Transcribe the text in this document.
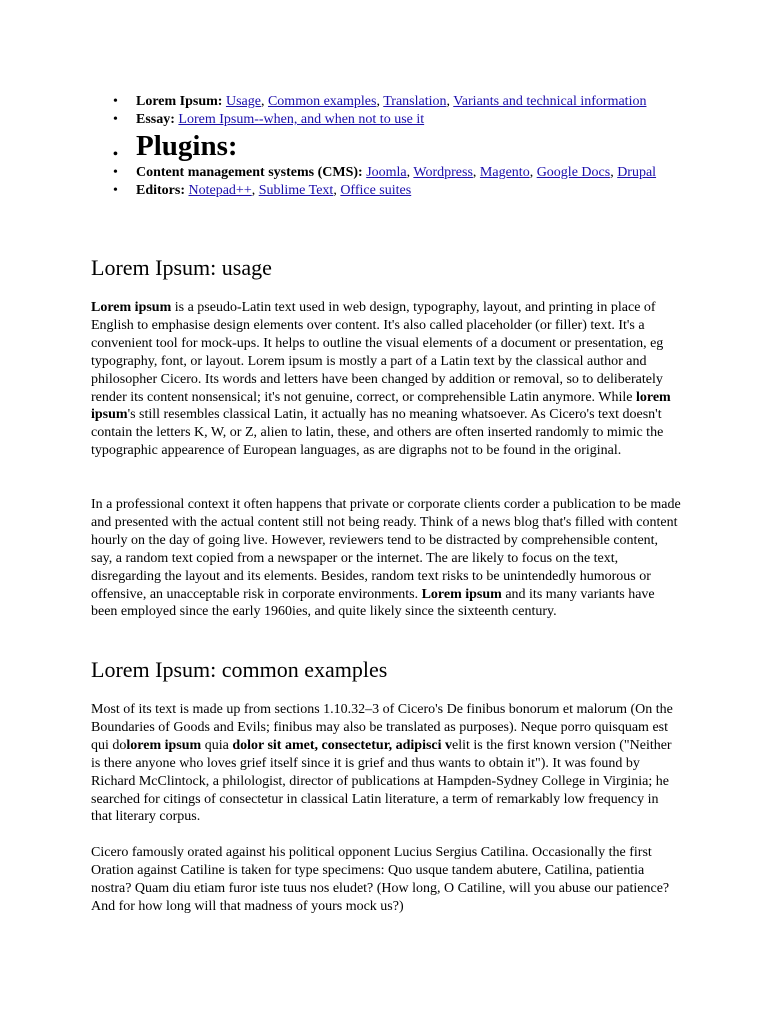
• Lorem Ipsum: Usage, Common examples, Translation, Variants and technical information
• Essay: Lorem Ipsum--when, and when not to use it
• Plugins:
• Content management systems (CMS): Joomla, Wordpress, Magento, Google Docs, Drupal
• Editors: Notepad++, Sublime Text, Office suites
Lorem Ipsum: usage

Lorem ipsum is a pseudo-Latin text used in web design, typography, layout, and printing in place of English to emphasise design elements over content. It's also called placeholder (or filler) text. It's a convenient tool for mock-ups. It helps to outline the visual elements of a document or presentation, eg typography, font, or layout. Lorem ipsum is mostly a part of a Latin text by the classical author and philosopher Cicero. Its words and letters have been changed by addition or removal, so to deliberately render its content nonsensical; it's not genuine, correct, or comprehensible Latin anymore. While lorem ipsum's still resembles classical Latin, it actually has no meaning whatsoever. As Cicero's text doesn't contain the letters K, W, or Z, alien to latin, these, and others are often inserted randomly to mimic the typographic appearence of European languages, as are digraphs not to be found in the original.

In a professional context it often happens that private or corporate clients corder a publication to be made and presented with the actual content still not being ready. Think of a news blog that's filled with content hourly on the day of going live. However, reviewers tend to be distracted by comprehensible content, say, a random text copied from a newspaper or the internet. The are likely to focus on the text, disregarding the layout and its elements. Besides, random text risks to be unintendedly humorous or offensive, an unacceptable risk in corporate environments. Lorem ipsum and its many variants have been employed since the early 1960ies, and quite likely since the sixteenth century.

Lorem Ipsum: common examples

Most of its text is made up from sections 1.10.32–3 of Cicero's De finibus bonorum et malorum (On the Boundaries of Goods and Evils; finibus may also be translated as purposes). Neque porro quisquam est qui dolorem ipsum quia dolor sit amet, consectetur, adipisci velit is the first known version ("Neither is there anyone who loves grief itself since it is grief and thus wants to obtain it"). It was found by Richard McClintock, a philologist, director of publications at Hampden-Sydney College in Virginia; he searched for citings of consectetur in classical Latin literature, a term of remarkably low frequency in that literary corpus.

Cicero famously orated against his political opponent Lucius Sergius Catilina. Occasionally the first Oration against Catiline is taken for type specimens: Quo usque tandem abutere, Catilina, patientia nostra? Quam diu etiam furor iste tuus nos eludet? (How long, O Catiline, will you abuse our patience? And for how long will that madness of yours mock us?)
